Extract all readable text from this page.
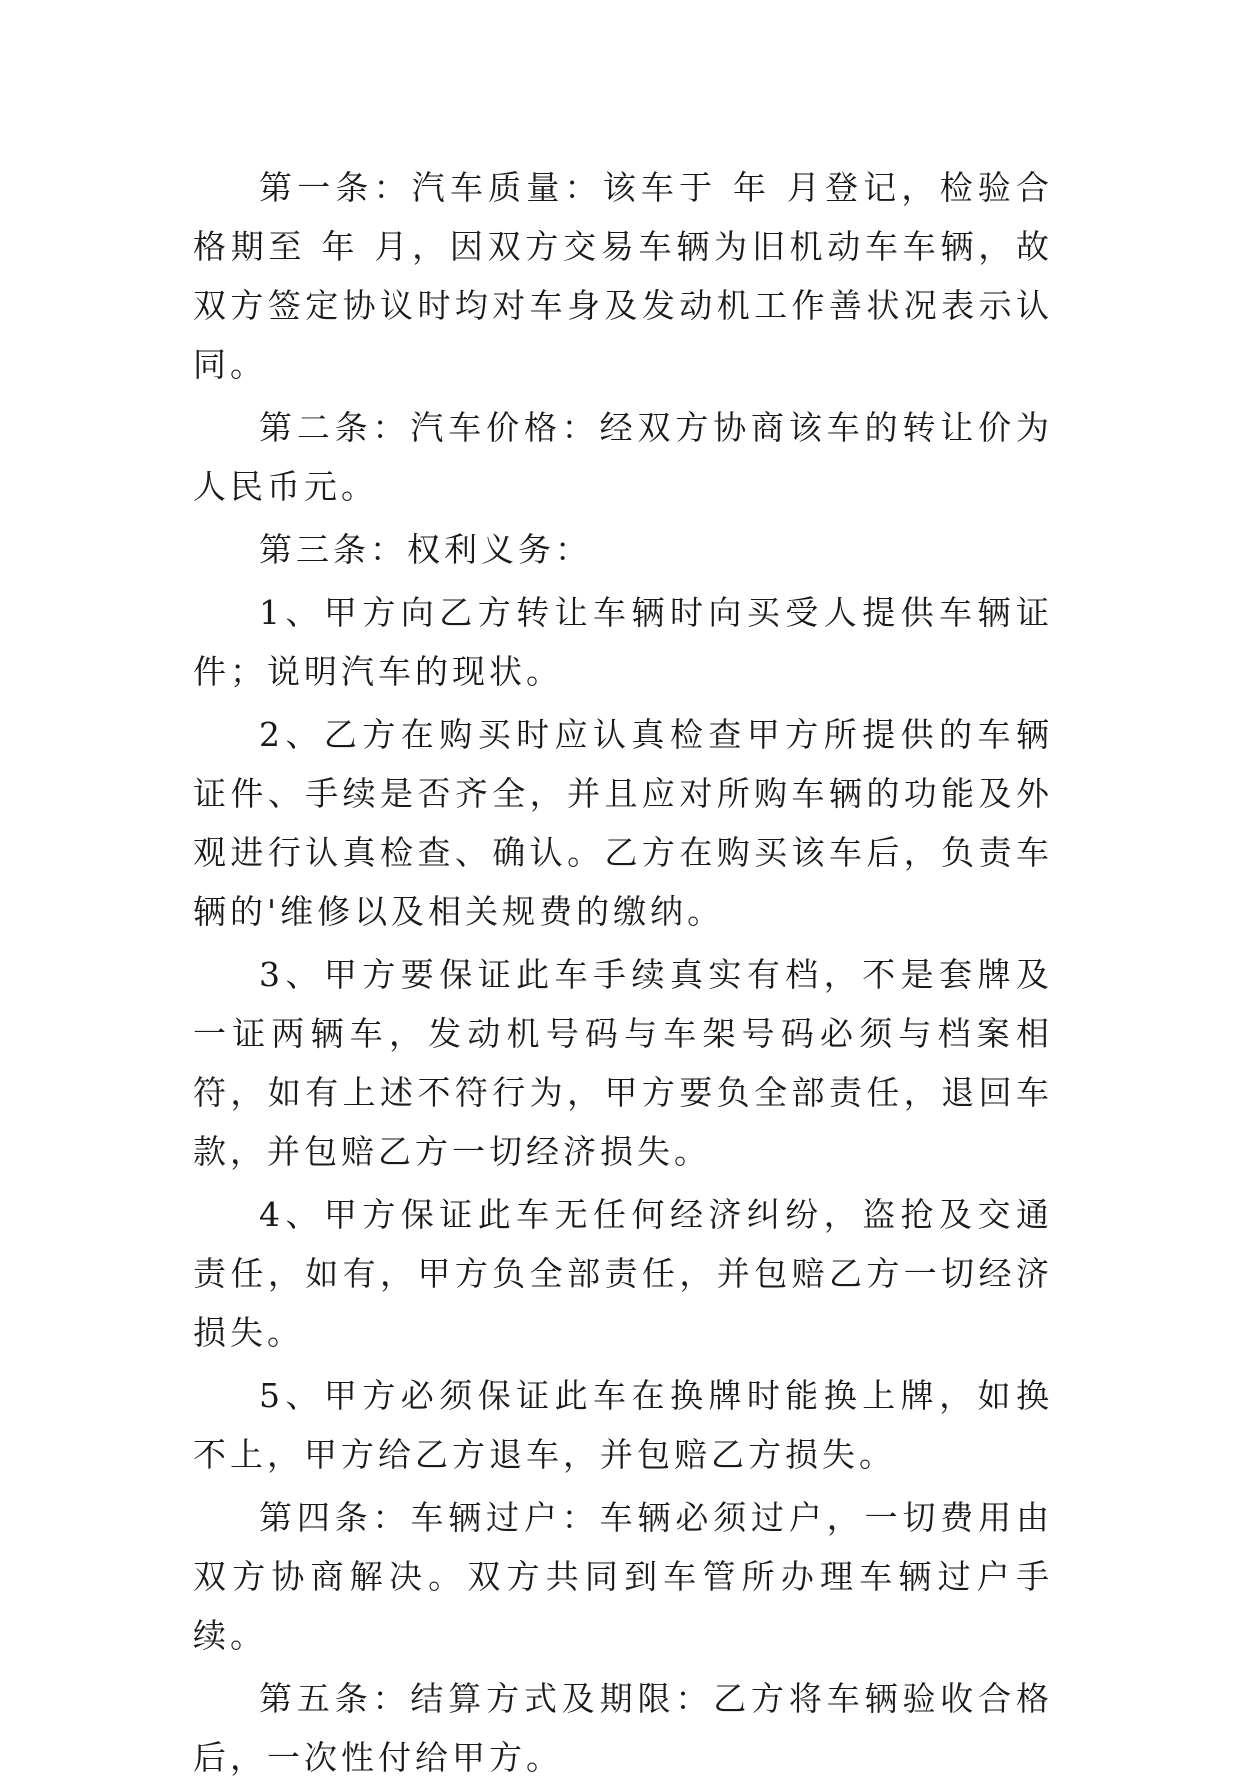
第一条：汽车质量：该车于 年 月登记，检验合格期至 年 月，因双方交易车辆为旧机动车车辆，故双方签定协议时均对车身及发动机工作善状况表示认同。

第二条：汽车价格：经双方协商该车的转让价为人民币元。

第三条：权利义务：

1、甲方向乙方转让车辆时向买受人提供车辆证件；说明汽车的现状。

2、乙方在购买时应认真检查甲方所提供的车辆证件、手续是否齐全，并且应对所购车辆的功能及外观进行认真检查、确认。乙方在购买该车后，负责车辆的'维修以及相关规费的缴纳。

3、甲方要保证此车手续真实有档，不是套牌及一证两辆车，发动机号码与车架号码必须与档案相符，如有上述不符行为，甲方要负全部责任，退回车款，并包赔乙方一切经济损失。

4、甲方保证此车无任何经济纠纷，盗抢及交通责任，如有，甲方负全部责任，并包赔乙方一切经济损失。

5、甲方必须保证此车在换牌时能换上牌，如换不上，甲方给乙方退车，并包赔乙方损失。

第四条：车辆过户：车辆必须过户，一切费用由双方协商解决。双方共同到车管所办理车辆过户手续。

第五条：结算方式及期限：乙方将车辆验收合格后，一次性付给甲方。
